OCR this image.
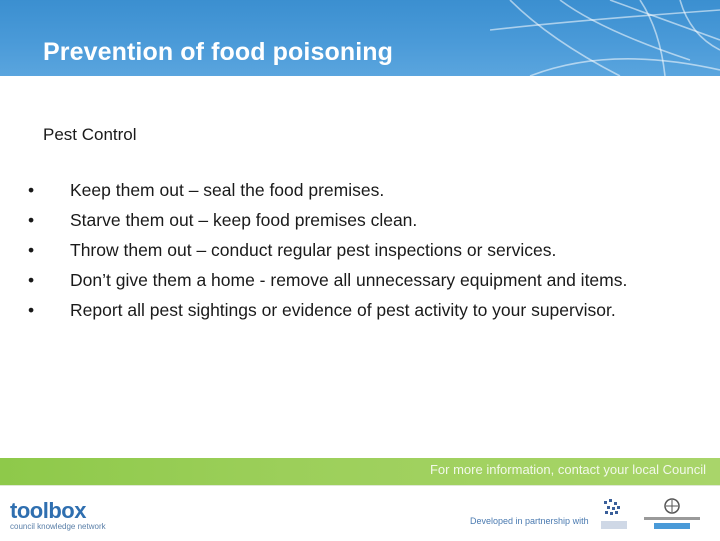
Prevention of food poisoning
Pest Control
• Keep them out – seal the food premises.
• Starve them out – keep food premises clean.
• Throw them out – conduct regular pest inspections or services.
• Don’t give them a home - remove all unnecessary equipment and items.
• Report all pest sightings or evidence of pest activity to your supervisor.
For more information, contact your local Council
toolbox
council knowledge network
Developed in partnership with
